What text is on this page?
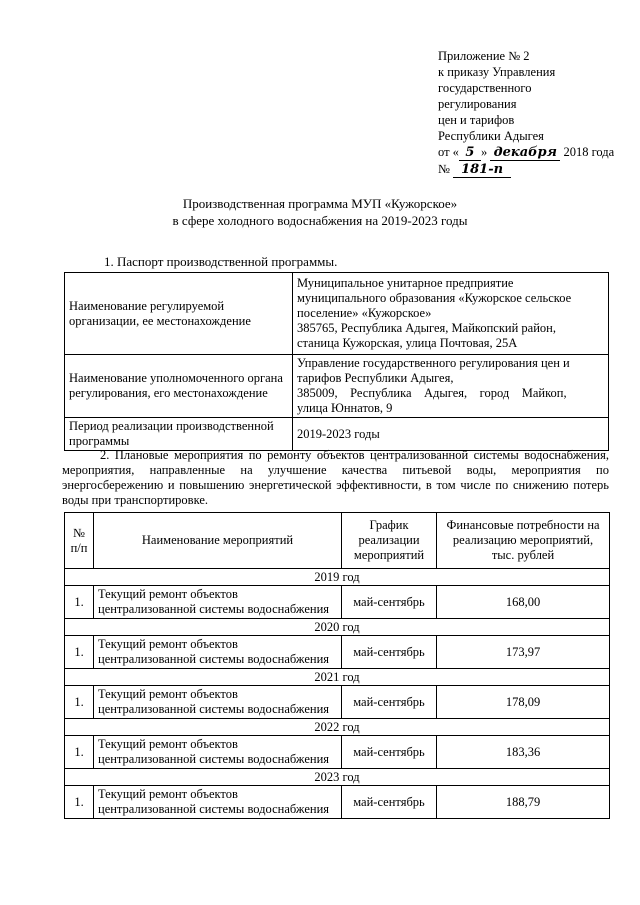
Приложение № 2
к приказу Управления
государственного
регулирования
цен и тарифов
Республики Адыгея
от « 5 » декабря 2018 года
№ 181-п
Производственная программа МУП «Кужорское»
в сфере холодного водоснабжения на 2019-2023 годы
1. Паспорт производственной программы.
Наименование регулируемой организации, ее местонахождение	Муниципальное унитарное предприятие
муниципального образования «Кужорское сельское
поселение» «Кужорское»
385765, Республика Адыгея, Майкопский район,
станица Кужорская, улица Почтовая, 25А

Наименование уполномоченного органа регулирования, его местонахождение	Управление государственного регулирования цен и
тарифов Республики Адыгея,
385009,    Республика    Адыгея,    город    Майкоп,
улица Юннатов, 9

Период реализации производственной программы	2019-2023 годы
2. Плановые мероприятия по ремонту объектов централизованной системы водоснабжения, мероприятия, направленные на улучшение качества питьевой воды, мероприятия по энергосбережению и повышению энергетической эффективности, в том числе по снижению потерь воды при транспортировке.
№ п/п	Наименование мероприятий	График реализации мероприятий	Финансовые потребности на реализацию мероприятий, тыс. рублей
2019 год			
1.	Текущий ремонт объектов централизованной системы водоснабжения	май-сентябрь	168,00
2020 год			
1.	Текущий ремонт объектов централизованной системы водоснабжения	май-сентябрь	173,97
2021 год			
1.	Текущий ремонт объектов централизованной системы водоснабжения	май-сентябрь	178,09
2022 год			
1.	Текущий ремонт объектов централизованной системы водоснабжения	май-сентябрь	183,36
2023 год			
1.	Текущий ремонт объектов централизованной системы водоснабжения	май-сентябрь	188,79
